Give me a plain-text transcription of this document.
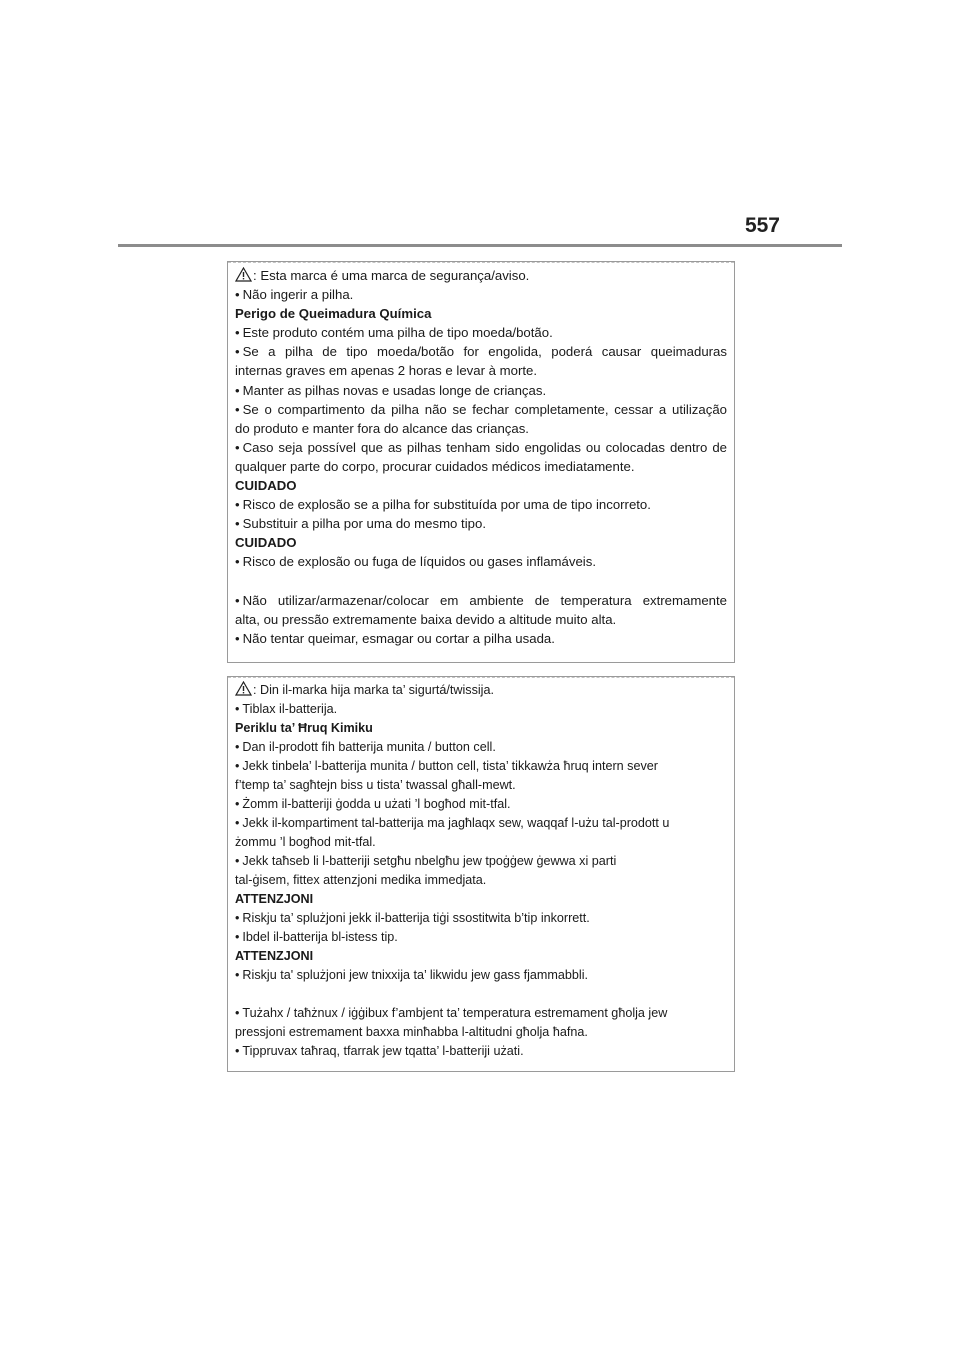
557
: Esta marca é uma marca de segurança/aviso.
• Não ingerir a pilha.
Perigo de Queimadura Química
• Este produto contém uma pilha de tipo moeda/botão.
• Se a pilha de tipo moeda/botão for engolida, poderá causar queimaduras
internas graves em apenas 2 horas e levar à morte.
• Manter as pilhas novas e usadas longe de crianças.
• Se o compartimento da pilha não se fechar completamente, cessar a utilização
do produto e manter fora do alcance das crianças.
• Caso seja possível que as pilhas tenham sido engolidas ou colocadas dentro de
qualquer parte do corpo, procurar cuidados médicos imediatamente.
CUIDADO
• Risco de explosão se a pilha for substituída por uma de tipo incorreto.
• Substituir a pilha por uma do mesmo tipo.
CUIDADO
• Risco de explosão ou fuga de líquidos ou gases inflamáveis.
• Não utilizar/armazenar/colocar em ambiente de temperatura extremamente
alta, ou pressão extremamente baixa devido a altitude muito alta.
• Não tentar queimar, esmagar ou cortar a pilha usada.
: Din il-marka hija marka ta’ sigurtá/twissija.
• Tiblax il-batterija.
Periklu ta’ Ħruq Kimiku
• Dan il-prodott fih batterija munita / button cell.
• Jekk tinbela’ l-batterija munita / button cell, tista’ tikkawża ħruq intern sever
f’temp ta’ sagħtejn biss u tista’ twassal għall-mewt.
• Żomm il-batteriji ġodda u użati ’l bogħod mit-tfal.
• Jekk il-kompartiment tal-batterija ma jagħlaqx sew, waqqaf l-użu tal-prodott u
żommu ’l bogħod mit-tfal.
• Jekk taħseb li l-batteriji setgħu nbelgħu jew tpoġġew ġewwa xi parti
tal-ġisem, fittex attenzjoni medika immedjata.
ATTENZJONI
• Riskju ta’ splużjoni jekk il-batterija tiġi ssostitwita b’tip inkorrett.
• Ibdel il-batterija bl-istess tip.
ATTENZJONI
• Riskju ta' splużjoni jew tnixxija ta’ likwidu jew gass fjammabbli.
• Tużahx / taħżnux / iġġibux f’ambjent ta’ temperatura estremament għolja jew
pressjoni estremament baxxa minħabba l-altitudni għolja ħafna.
• Tippruvax taħraq, tfarrak jew tqatta’ l-batteriji użati.
